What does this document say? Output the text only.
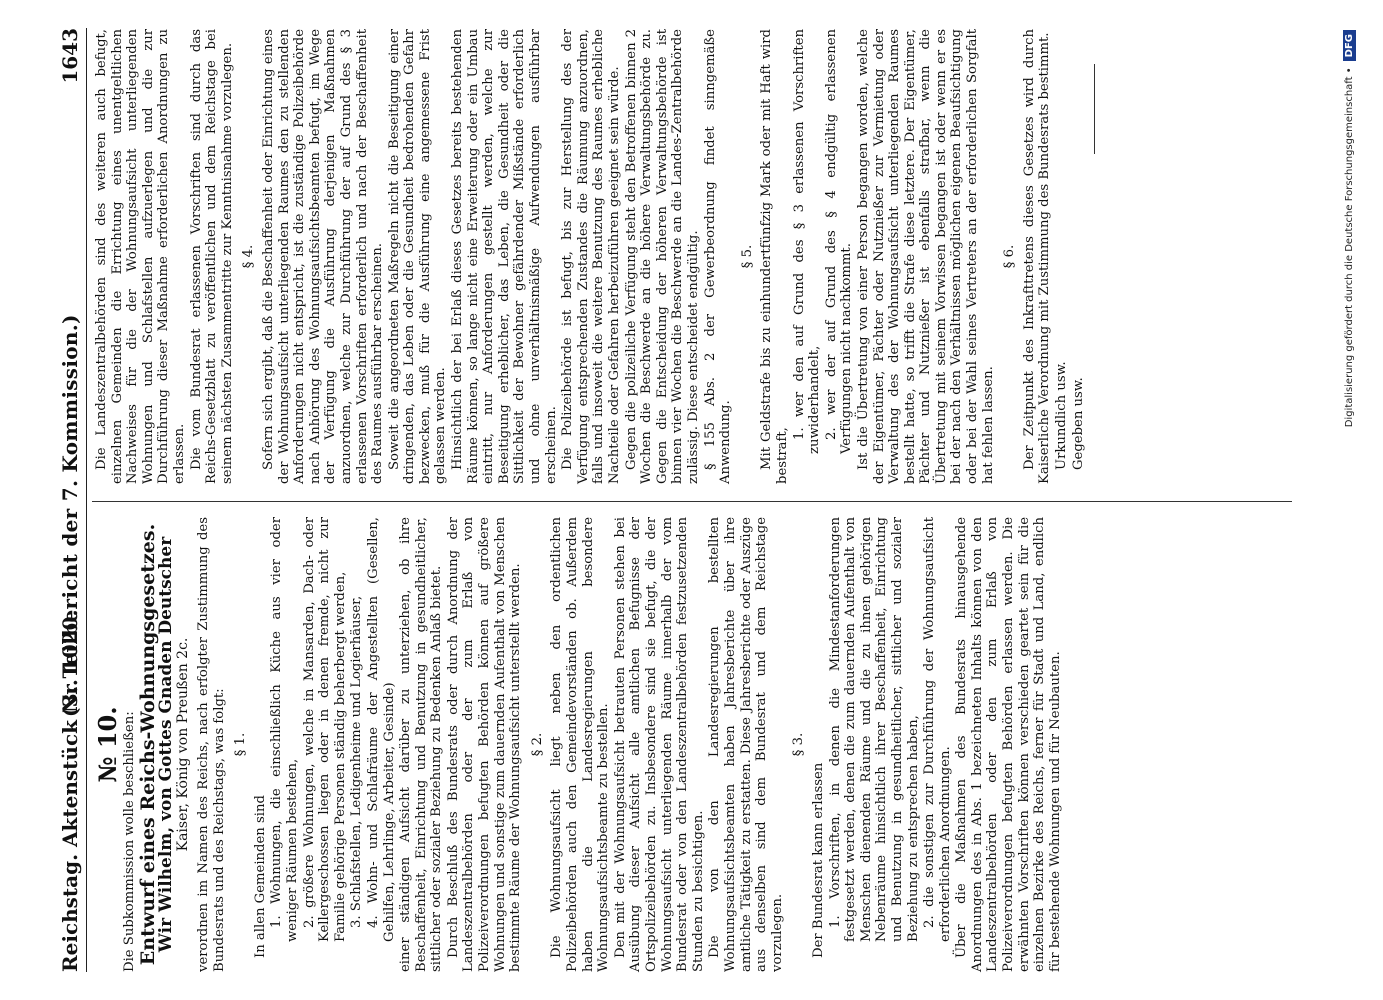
Reichstag. Aktenstück Nr. 1020.
(3. Teilbericht der 7. Kommission.)
1643
№ 10. Die Subkommission wolle beschließen: Entwurf eines Reichs-Wohnungsgesetzes.
Wir Wilhelm, von Gottes Gnaden Deutscher Kaiser, König von Preußen 2c. verordnen im Namen des Reichs, nach erfolgter Zustimmung des Bundesrats und des Reichstags, was folgt: § 1.

In allen Gemeinden sind 1. Wohnungen, die einschließlich Küche aus vier oder weniger Räumen bestehen, 2. größere Wohnungen, welche in Mansarden, Dach- oder Kellergeschossen liegen oder in denen fremde, nicht zur Familie gehörige Personen ständig beherbergt werden, 3. Schlafstellen, Ledigenheime und Logierhäuser, 4. Wohn- und Schlafräume der Angestellten (Gesellen, Gehilfen, Lehrlinge, Arbeiter, Gesinde) einer ständigen Aufsicht darüber zu unterziehen, ob ihre Beschaffenheit, Einrichtung und Benutzung in gesundheitlicher, sittlicher oder sozialer Beziehung zu Bedenken Anlaß bietet. Durch Beschluß des Bundesrats oder durch Anordnung der Landeszentralbehörden oder der zum Erlaß von Polizeiverordnungen befugten Behörden können auf größere Wohnungen und sonstige zum dauernden Aufenthalt von Menschen bestimmte Räume der Wohnungsaufsicht unterstellt werden. § 2. Die Wohnungsaufsicht liegt neben den ordentlichen Polizeibehörden auch den Gemeindevorständen ob. Außerdem haben die Landesregierungen besondere Wohnungsaufsichtsbeamte zu bestellen. Den mit der Wohnungsaufsicht betrauten Personen stehen bei Ausübung dieser Aufsicht alle amtlichen Befugnisse der Ortspolizeibehörden zu. Insbesondere sind sie befugt, die der Wohnungsaufsicht unterliegenden Räume innerhalb der vom Bundesrat oder von den Landeszentralbehörden festzusetzenden Stunden zu besichtigen. Die von den Landesregierungen bestellten Wohnungsaufsichtsbeamten haben Jahresberichte über ihre amtliche Tätigkeit zu erstatten. Diese Jahresberichte oder Auszüge aus denselben sind dem Bundesrat und dem Reichstage vorzulegen.

§ 3.

Der Bundesrat kann erlassen 1. Vorschriften, in denen die Mindestanforderungen festgesetzt werden, denen die zum dauernden Aufenthalt von Menschen dienenden Räume und die zu ihnen gehörigen Nebenräume hinsichtlich ihrer Beschaffenheit, Einrichtung und Benutzung in gesundheitlicher, sittlicher und sozialer Beziehung zu entsprechen haben, 2. die sonstigen zur Durchführung der Wohnungsaufsicht erforderlichen Anordnungen. Über die Maßnahmen des Bundesrats hinausgehende Anordnungen des in Abs. 1 bezeichneten Inhalts können von den Landeszentralbehörden oder den zum Erlaß von Polizeiverordnungen befugten Behörden erlassen werden. Die erwähnten Vorschriften können verschieden geartet sein für die einzelnen Bezirke des Reichs, ferner für Stadt und Land, endlich für bestehende Wohnungen und für Neubauten.

Die Landeszentralbehörden sind des weiteren auch befugt, einzelnen Gemeinden die Errichtung eines unentgeltlichen Nachweises für die der Wohnungsaufsicht unterliegenden Wohnungen und Schlafstellen aufzuerlegen und die zur Durchführung dieser Maßnahme erforderlichen Anordnungen zu erlassen. Die vom Bundesrat erlassenen Vorschriften sind durch das Reichs-Gesetzblatt zu veröffentlichen und dem Reichstage bei seinem nächsten Zusammentritte zur Kenntnisnahme vorzulegen. § 4. Sofern sich ergibt, daß die Beschaffenheit oder Einrichtung eines der Wohnungsaufsicht unterliegenden Raumes den zu stellenden Anforderungen nicht entspricht, ist die zuständige Polizeibehörde nach Anhörung des Wohnungsaufsichtsbeamten befugt, im Wege der Verfügung die Ausführung derjenigen Maßnahmen anzuordnen, welche zur Durchführung der auf Grund des § 3 erlassenen Vorschriften erforderlich und nach der Beschaffenheit des Raumes ausführbar erscheinen. Soweit die angeordneten Maßregeln nicht die Beseitigung einer dringenden, das Leben oder die Gesundheit bedrohenden Gefahr bezwecken, muß für die Ausführung eine angemessene Frist gelassen werden. Hinsichtlich der bei Erlaß dieses Gesetzes bereits bestehenden Räume können, so lange nicht eine Erweiterung oder ein Umbau eintritt, nur Anforderungen gestellt werden, welche zur Beseitigung erheblicher, das Leben, die Gesundheit oder die Sittlichkeit der Bewohner gefährdender Mißstände erforderlich und ohne unverhältnismäßige Aufwendungen ausführbar erscheinen. Die Polizeibehörde ist befugt, bis zur Herstellung des der Verfügung entsprechenden Zustandes die Räumung anzuordnen, falls und insoweit die weitere Benutzung des Raumes erhebliche Nachteile oder Gefahren herbeizuführen geeignet sein würde. Gegen die polizeiliche Verfügung steht den Betroffenen binnen 2 Wochen die Beschwerde an die höhere Verwaltungsbehörde zu. Gegen die Entscheidung der höheren Verwaltungsbehörde ist binnen vier Wochen die Beschwerde an die Landes-Zentralbehörde zulässig. Diese entscheidet endgültig. § 155 Abs. 2 der Gewerbeordnung findet sinngemäße Anwendung.

§ 5. Mit Geldstrafe bis zu einhundertfünfzig Mark oder mit Haft wird bestraft,

1. wer den auf Grund des § 3 erlassenen Vorschriften zuwiderhandelt, 2. wer der auf Grund des § 4 endgültig erlassenen Verfügungen nicht nachkommt. Ist die Übertretung von einer Person begangen worden, welche der Eigentümer, Pächter oder Nutznießer zur Vermietung oder Verwaltung des der Wohnungsaufsicht unterliegenden Raumes bestellt hatte, so trifft die Strafe diese letztere. Der Eigentümer, Pächter und Nutznießer ist ebenfalls strafbar, wenn die Übertretung mit seinem Vorwissen begangen ist oder wenn er es bei der nach den Verhältnissen möglichen eigenen Beaufsichtigung oder bei der Wahl seines Vertreters an der erforderlichen Sorgfalt hat fehlen lassen.

§ 6. Der Zeitpunkt des Inkrafttretens dieses Gesetzes wird durch Kaiserliche Verordnung mit Zustimmung des Bundesrats bestimmt. Urkundlich usw. Gegeben usw.	Digitalisierung gefördert durch die Deutsche Forschungsgemeinschaft •DFG
